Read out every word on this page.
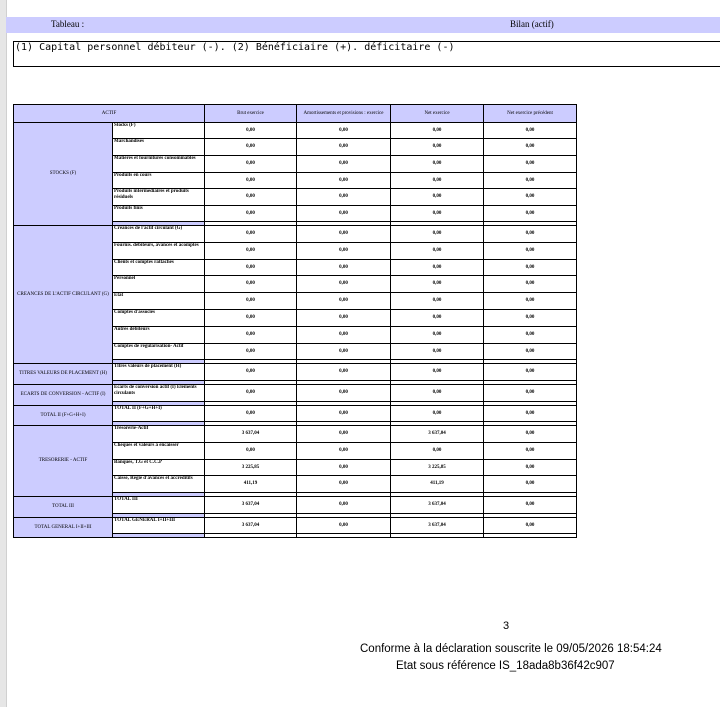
Tableau :	Bilan (actif)
(1) Capital personnel débiteur (-). (2) Bénéficiaire (+). déficitaire (-)
ACTIF		Brut exercice	Amortissements et provisions : exercice	Net exercice	Net exercice précédent
STOCKS (F)	Stocks (F)	0,00	0,00	0,00	0,00
	Marchandises	0,00	0,00	0,00	0,00
	Matières et fournitures consommables	0,00	0,00	0,00	0,00
	Produits en cours	0,00	0,00	0,00	0,00
	Produits intermédiaires et produits résiduels	0,00	0,00	0,00	0,00
	Produits finis	0,00	0,00	0,00	0,00

CREANCES DE L'ACTIF CIRCULANT (G)	Créances de l'actif circulant (G)	0,00	0,00	0,00	0,00
	Fournis. débiteurs, avances et acomptes	0,00	0,00	0,00	0,00
	Clients et comptes rattachés	0,00	0,00	0,00	0,00
	Personnel	0,00	0,00	0,00	0,00
	Etat	0,00	0,00	0,00	0,00
	Comptes d'associés	0,00	0,00	0,00	0,00
	Autres débiteurs	0,00	0,00	0,00	0,00
	Comptes de régularisation- Actif	0,00	0,00	0,00	0,00

TITRES VALEURS DE PLACEMENT (H)	Titres valeurs de placement (H)	0,00	0,00	0,00	0,00

ECARTS DE CONVERSION - ACTIF (I)	Ecarts de conversion actif (I) Eléments circulants	0,00	0,00	0,00	0,00

TOTAL II (F+G+H+I)	TOTAL II (F+G+H+I)	0,00	0,00	0,00	0,00

TRESORERIE - ACTIF	Trésorerie-Actif	3 637,04	0,00	3 637,04	0,00
	Chèques et valeurs à encaisser	0,00	0,00	0,00	0,00
	Banques, T.G et C.C.P	3 225,85	0,00	3 225,85	0,00
	Caisse, Régie d'avances et accréditifs	411,19	0,00	411,19	0,00

TOTAL III	TOTAL III	3 637,04	0,00	3 637,04	0,00

TOTAL GENERAL I+II+III	TOTAL GENERAL I+II+III	3 637,04	0,00	3 637,04	0,00

3
Conforme à la déclaration souscrite le 09/05/2026 18:54:24
Etat sous référence IS_18ada8b36f42c907
